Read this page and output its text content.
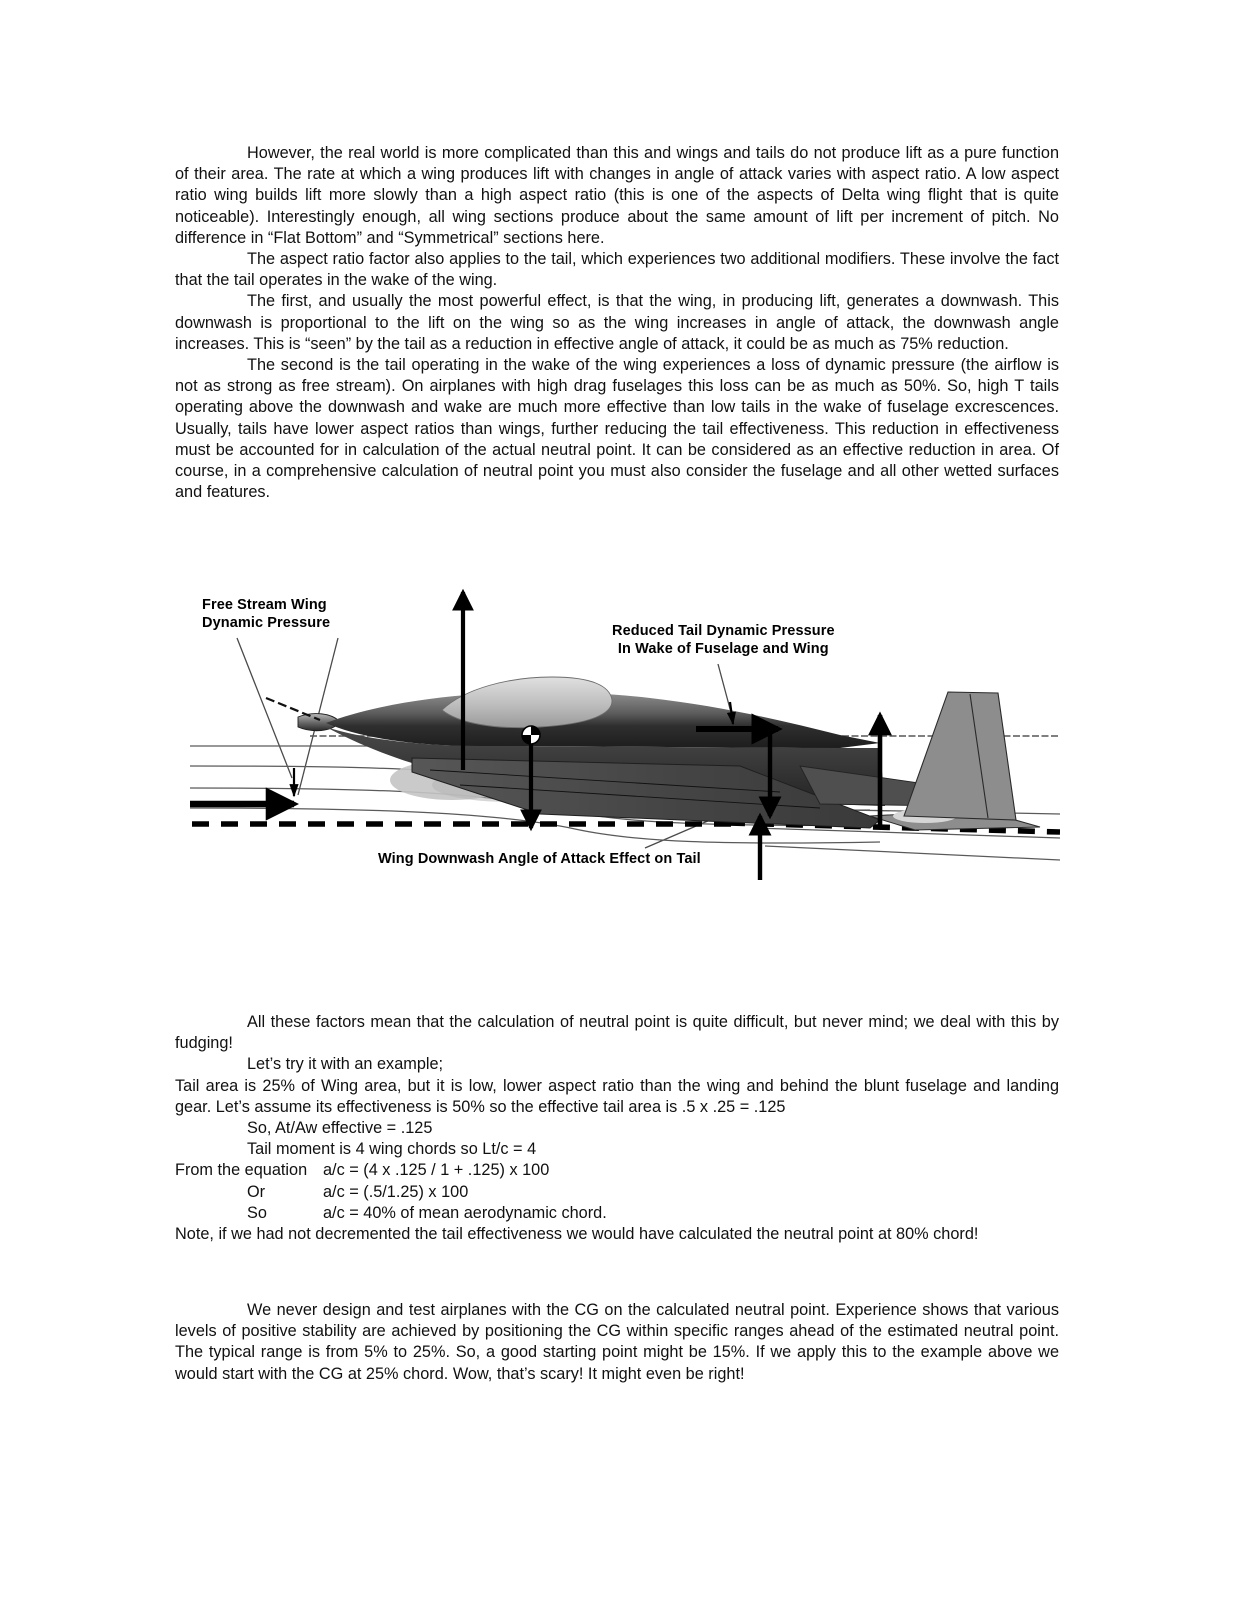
However, the real world is more complicated than this and wings and tails do not produce lift as a pure function of their area. The rate at which a wing produces lift with changes in angle of attack varies with aspect ratio. A low aspect ratio wing builds lift more slowly than a high aspect ratio (this is one of the aspects of Delta wing flight that is quite noticeable). Interestingly enough, all wing sections produce about the same amount of lift per increment of pitch. No difference in “Flat Bottom” and “Symmetrical” sections here.

The aspect ratio factor also applies to the tail, which experiences two additional modifiers. These involve the fact that the tail operates in the wake of the wing.

The first, and usually the most powerful effect, is that the wing, in producing lift, generates a downwash. This downwash is proportional to the lift on the wing so as the wing increases in angle of attack, the downwash angle increases. This is “seen” by the tail as a reduction in effective angle of attack, it could be as much as 75% reduction.

The second is the tail operating in the wake of the wing experiences a loss of dynamic pressure (the airflow is not as strong as free stream). On airplanes with high drag fuselages this loss can be as much as 50%. So, high T tails operating above the downwash and wake are much more effective than low tails in the wake of fuselage excrescences. Usually, tails have lower aspect ratios than wings, further reducing the tail effectiveness. This reduction in effectiveness must be accounted for in calculation of the actual neutral point. It can be considered as an effective reduction in area. Of course, in a comprehensive calculation of neutral point you must also consider the fuselage and all other wetted surfaces and features.

Free Stream Wing
Dynamic Pressure	Reduced Tail Dynamic Pressure
In Wake of Fuselage and Wing
Wing Downwash Angle of Attack Effect on Tail

All these factors mean that the calculation of neutral point is quite difficult, but never mind; we deal with this by fudging!

Let’s try it with an example;

Tail area is 25% of Wing area, but it is low, lower aspect ratio than the wing and behind the blunt fuselage and landing gear. Let’s assume its effectiveness is 50% so the effective tail area is .5 x .25 = .125

So, At/Aw effective = .125

Tail moment is 4 wing chords so Lt/c = 4

From the equation a/c = (4 x .125 / 1 + .125) x 100

Or	a/c = (.5/1.25) x 100

So	a/c = 40% of mean aerodynamic chord.

Note, if we had not decremented the tail effectiveness we would have calculated the neutral point at 80% chord!

We never design and test airplanes with the CG on the calculated neutral point. Experience shows that various levels of positive stability are achieved by positioning the CG within specific ranges ahead of the estimated neutral point. The typical range is from 5% to 25%. So, a good starting point might be 15%. If we apply this to the example above we would start with the CG at 25% chord. Wow, that’s scary! It might even be right!
